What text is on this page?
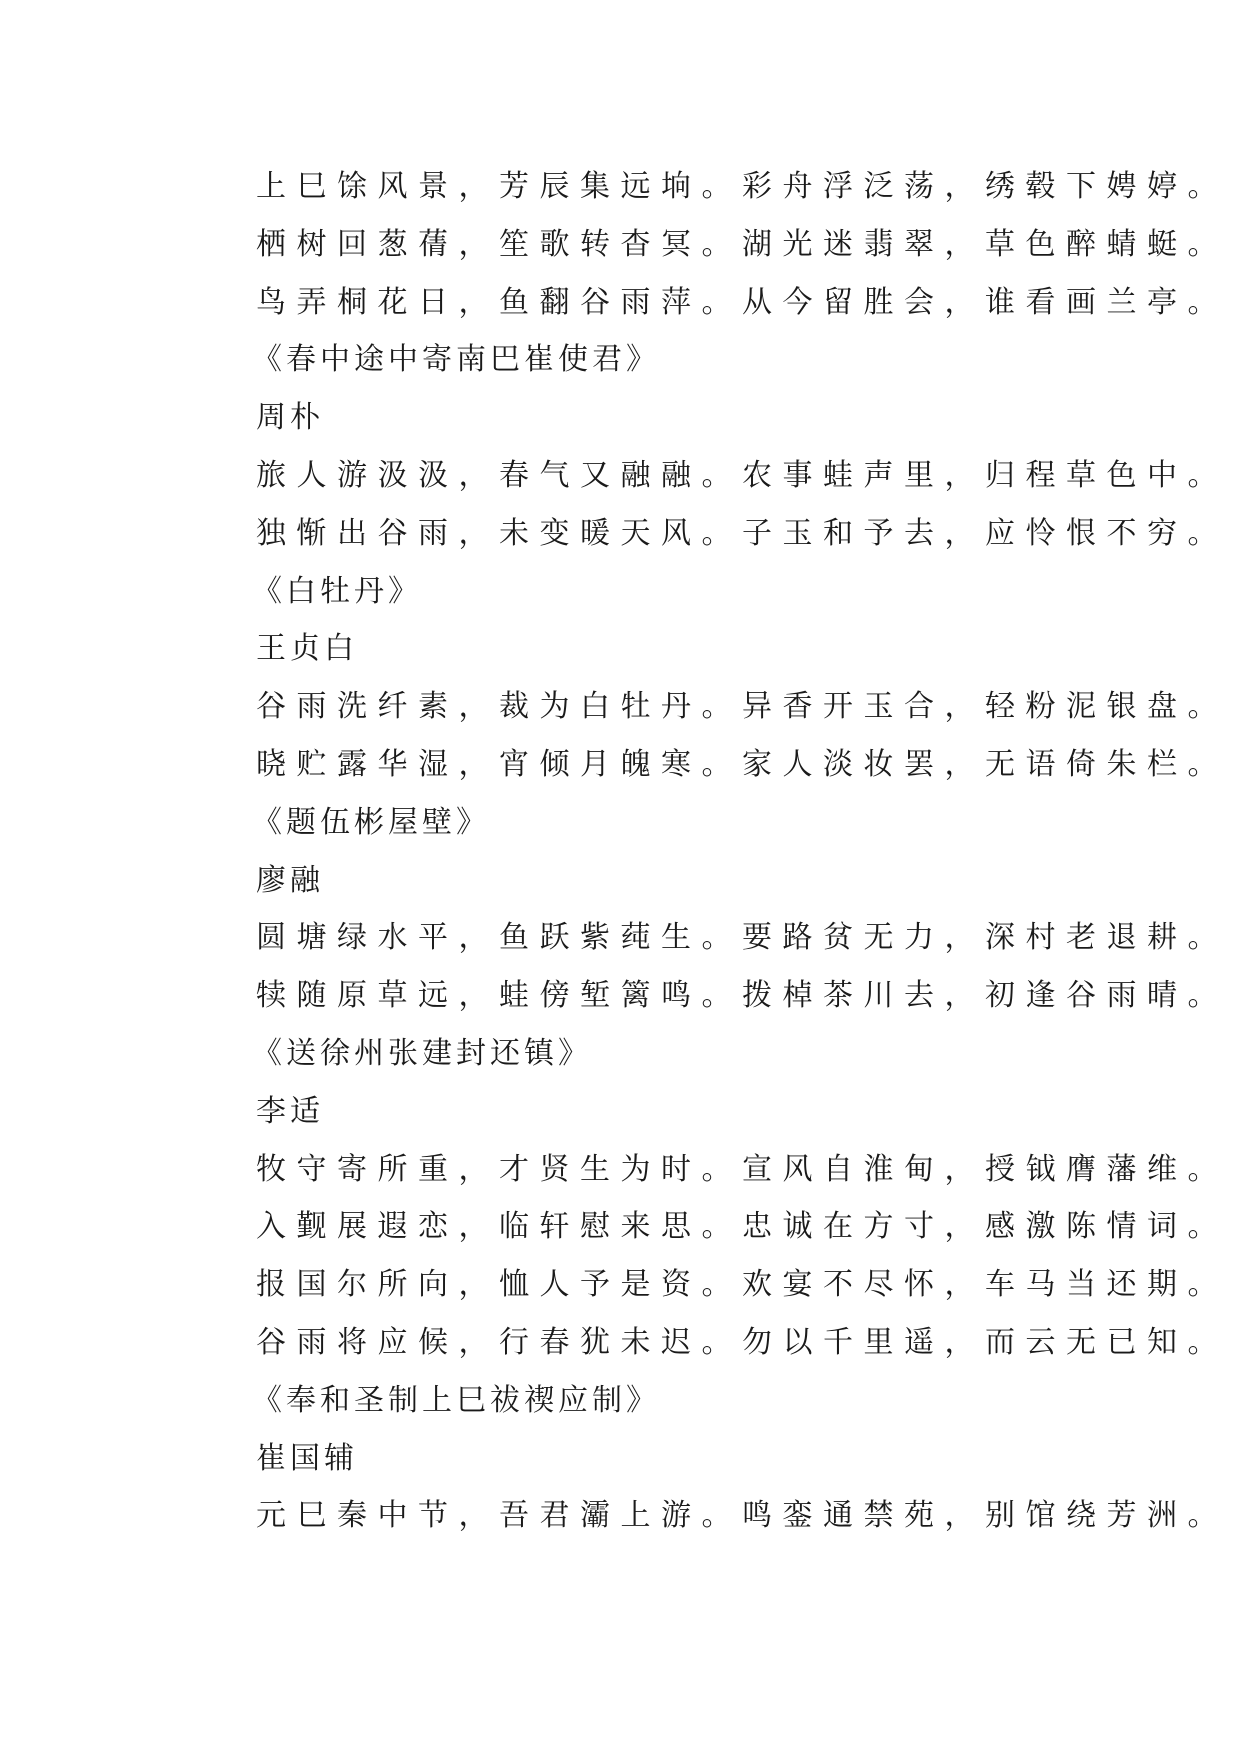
上巳馀风景，芳辰集远垧。彩舟浮泛荡，绣毂下娉婷。
栖树回葱蒨，笙歌转杳冥。湖光迷翡翠，草色醉蜻蜓。
鸟弄桐花日，鱼翻谷雨萍。从今留胜会，谁看画兰亭。
《春中途中寄南巴崔使君》
周朴
旅人游汲汲，春气又融融。农事蛙声里，归程草色中。
独惭出谷雨，未变暖天风。子玉和予去，应怜恨不穷。
《白牡丹》
王贞白
谷雨洗纤素，裁为白牡丹。异香开玉合，轻粉泥银盘。
晓贮露华湿，宵倾月魄寒。家人淡妆罢，无语倚朱栏。
《题伍彬屋壁》
廖融
圆塘绿水平，鱼跃紫莼生。要路贫无力，深村老退耕。
犊随原草远，蛙傍堑篱鸣。拨棹茶川去，初逢谷雨晴。
《送徐州张建封还镇》
李适
牧守寄所重，才贤生为时。宣风自淮甸，授钺膺藩维。
入觐展遐恋，临轩慰来思。忠诚在方寸，感激陈情词。
报国尔所向，恤人予是资。欢宴不尽怀，车马当还期。
谷雨将应候，行春犹未迟。勿以千里遥，而云无已知。
《奉和圣制上巳祓禊应制》
崔国辅
元巳秦中节，吾君灞上游。鸣銮通禁苑，别馆绕芳洲。
